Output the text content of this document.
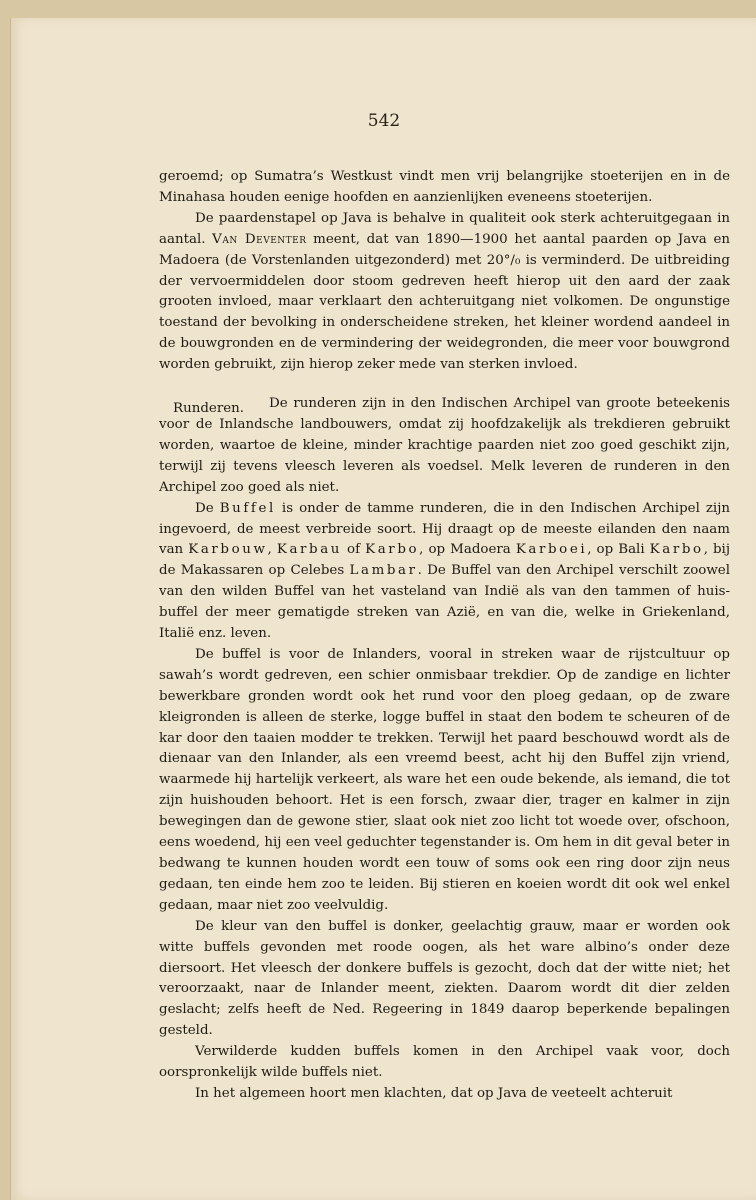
542
Runderen.

geroemd; op Sumatra’s Westkust vindt men vrij belangrijke stoeterijen en in de Minahasa houden eenige hoofden en aanzienlijken eveneens stoeterijen.

De paardenstapel op Java is behalve in qualiteit ook sterk achteruitgegaan in aantal. Van Deventer meent, dat van 1890—1900 het aantal paarden op Java en Madoera (de Vorstenlanden uitgezonderd) met 20°/₀ is verminderd. De uitbreiding der vervoermiddelen door stoom gedreven heeft hierop uit den aard der zaak grooten invloed, maar verklaart den achteruitgang niet volkomen. De ongunstige toestand der bevolking in onderscheidene streken, het kleiner wordend aandeel in de bouwgronden en de vermindering der weidegronden, die meer voor bouwgrond worden gebruikt, zijn hierop zeker mede van sterken invloed.

De runderen zijn in den Indischen Archipel van groote beteekenis voor de Inlandsche landbouwers, omdat zij hoofdzakelijk als trekdieren gebruikt worden, waartoe de kleine, minder krachtige paarden niet zoo goed geschikt zijn, terwijl zij tevens vleesch leveren als voedsel. Melk leveren de runderen in den Archipel zoo goed als niet.

De Buffel is onder de tamme runderen, die in den Indischen Archipel zijn ingevoerd, de meest verbreide soort. Hij draagt op de meeste eilanden den naam van Karbouw, Karbau of Karbo, op Madoera Karboei, op Bali Karbo, bij de Makassaren op Celebes Lambar. De Buffel van den Archipel verschilt zoowel van den wilden Buffel van het vasteland van Indië als van den tammen of huis-buffel der meer gematigde streken van Azië, en van die, welke in Griekenland, Italië enz. leven.

De buffel is voor de Inlanders, vooral in streken waar de rijstcultuur op sawah’s wordt gedreven, een schier onmisbaar trekdier. Op de zandige en lichter bewerkbare gronden wordt ook het rund voor den ploeg gedaan, op de zware kleigronden is alleen de sterke, logge buffel in staat den bodem te scheuren of de kar door den taaien modder te trekken. Terwijl het paard beschouwd wordt als de dienaar van den Inlander, als een vreemd beest, acht hij den Buffel zijn vriend, waarmede hij hartelijk verkeert, als ware het een oude bekende, als iemand, die tot zijn huishouden behoort. Het is een forsch, zwaar dier, trager en kalmer in zijn bewegingen dan de gewone stier, slaat ook niet zoo licht tot woede over, ofschoon, eens woedend, hij een veel geduchter tegenstander is. Om hem in dit geval beter in bedwang te kunnen houden wordt een touw of soms ook een ring door zijn neus gedaan, ten einde hem zoo te leiden. Bij stieren en koeien wordt dit ook wel enkel gedaan, maar niet zoo veelvuldig.

De kleur van den buffel is donker, geelachtig grauw, maar er worden ook witte buffels gevonden met roode oogen, als het ware albino’s onder deze diersoort. Het vleesch der donkere buffels is gezocht, doch dat der witte niet; het veroorzaakt, naar de Inlander meent, ziekten. Daarom wordt dit dier zelden geslacht; zelfs heeft de Ned. Regeering in 1849 daarop beperkende bepalingen gesteld.

Verwilderde kudden buffels komen in den Archipel vaak voor, doch oorspronkelijk wilde buffels niet.

In het algemeen hoort men klachten, dat op Java de veeteelt achteruit
